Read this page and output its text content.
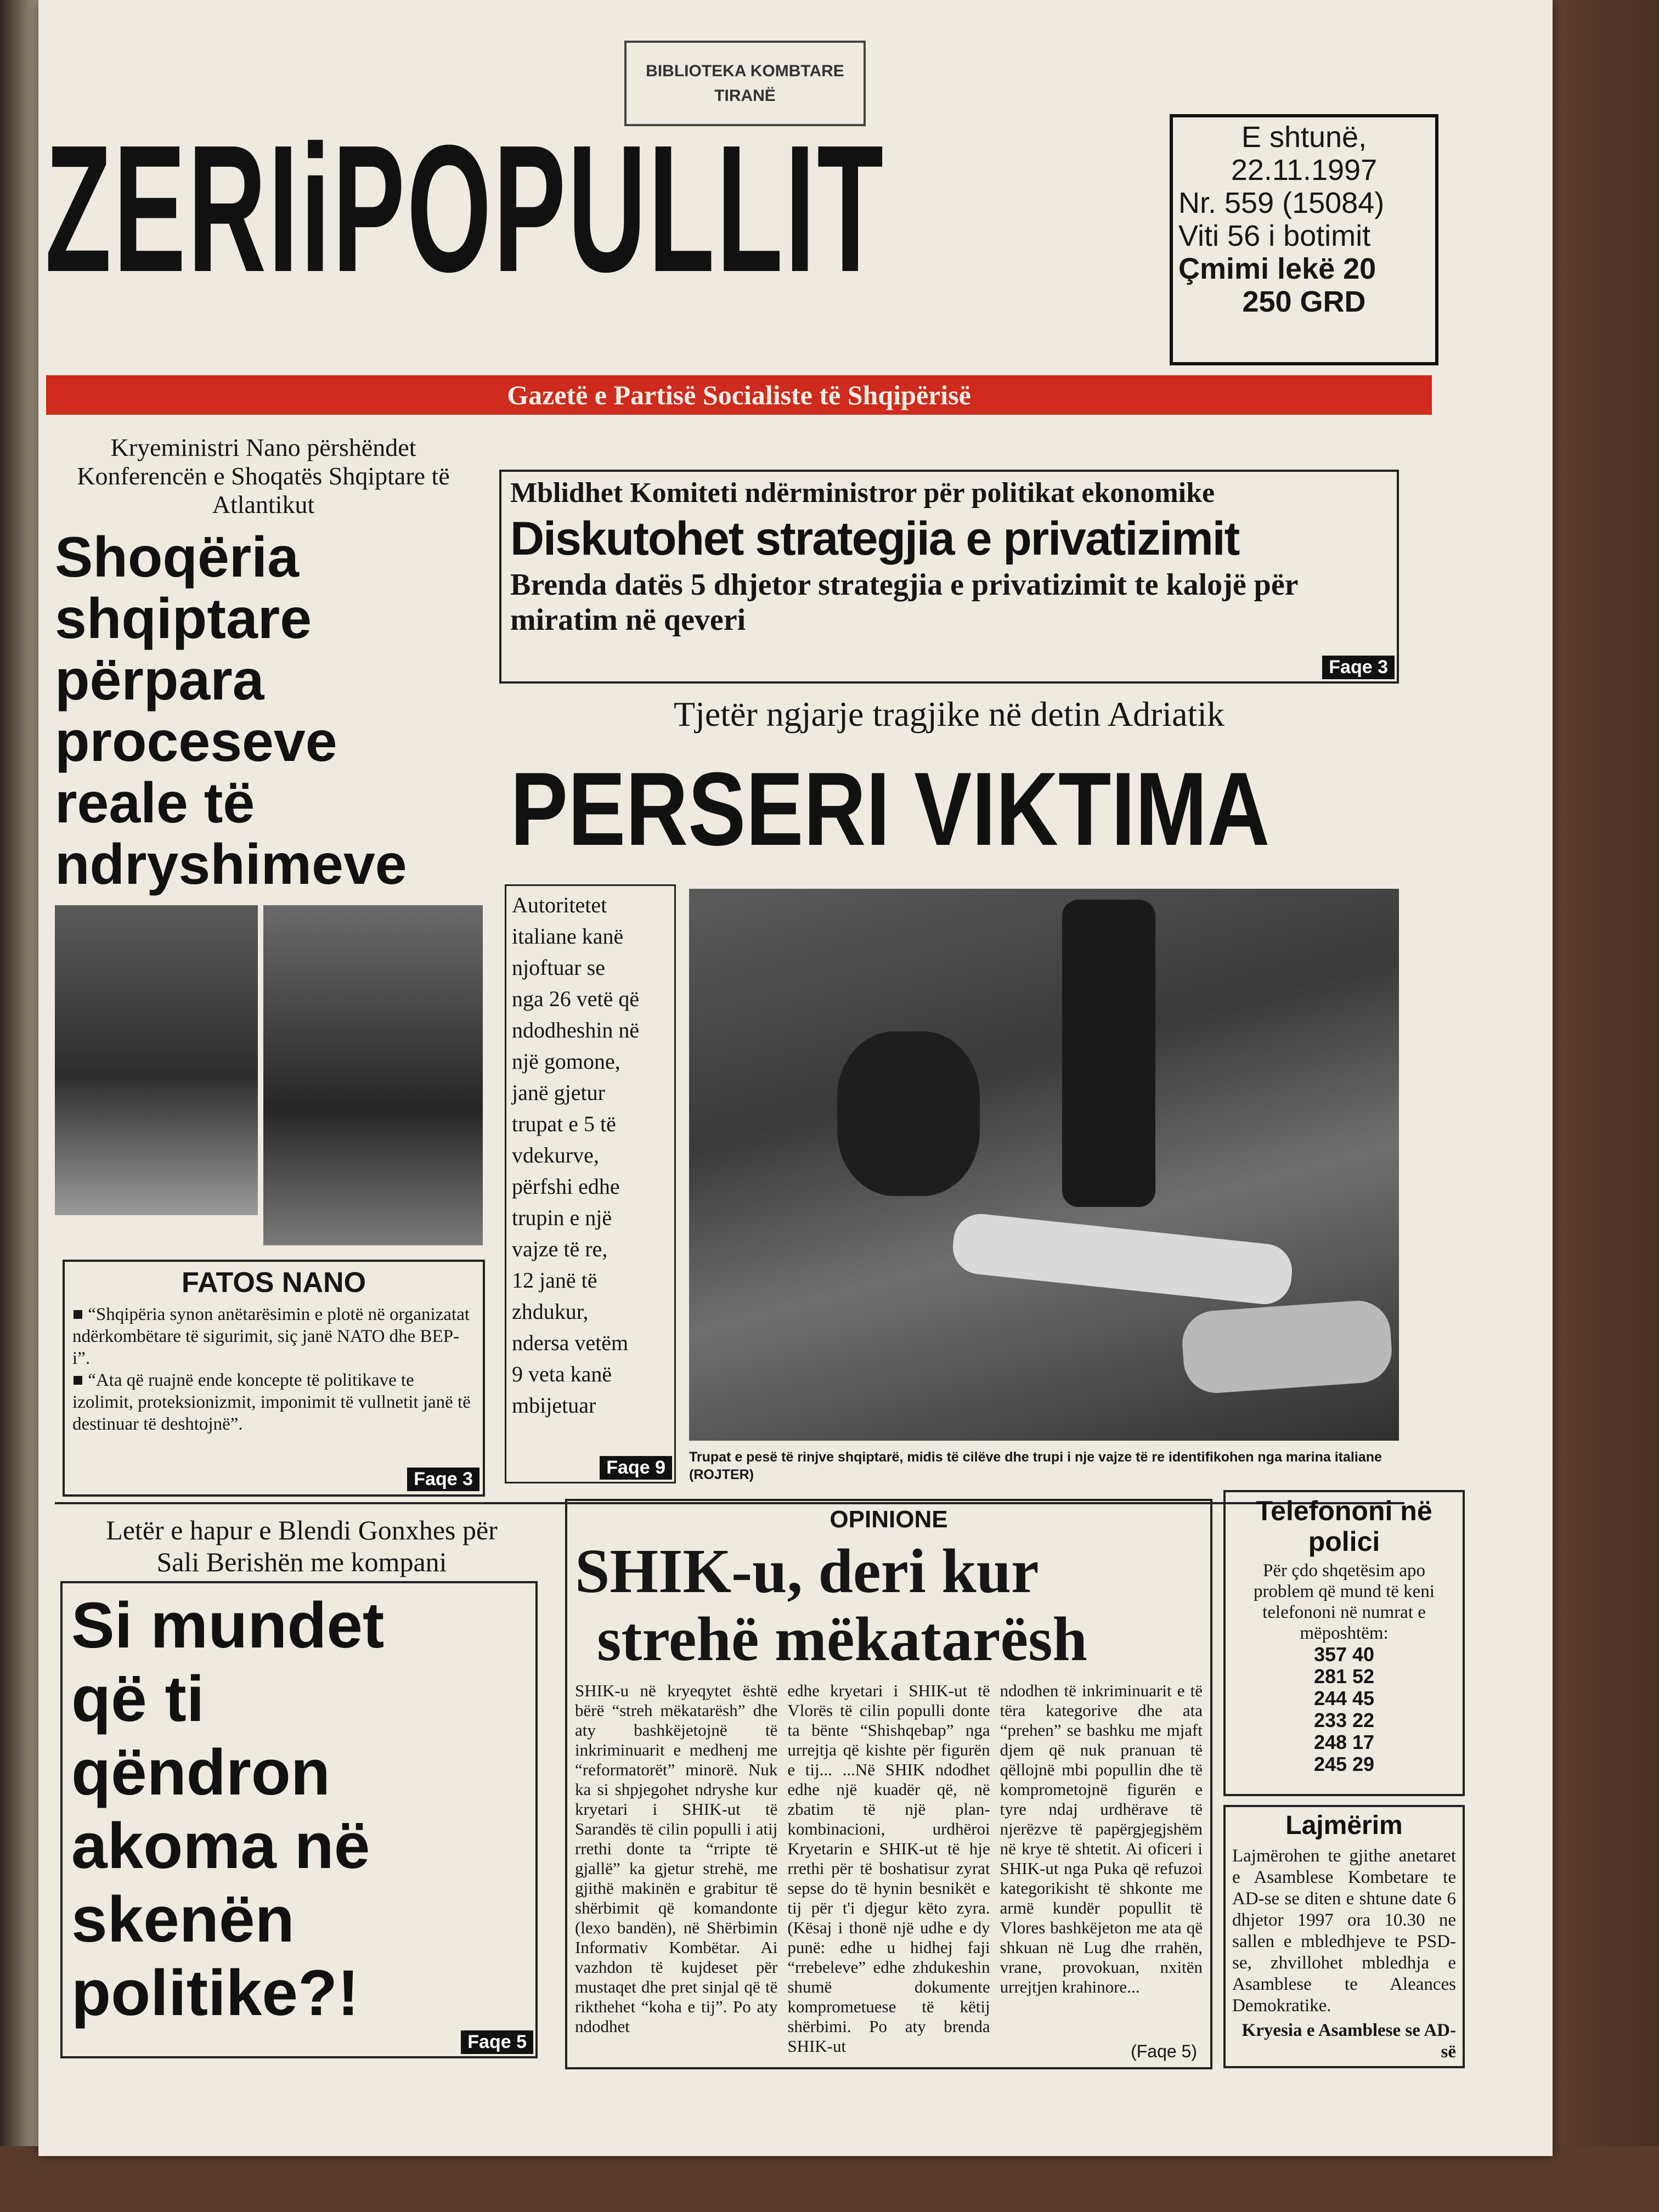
BIBLIOTEKA KOMBTARE
TIRANË
ZERIiPOPULLIT	E shtunë,
22.11.1997
Nr. 559 (15084)
Viti 56 i botimit
Çmimi lekë 20
250 GRD
Gazetë e Partisë Socialiste të Shqipërisë
Kryeministri Nano përshëndet Konferencën e Shoqatës Shqiptare të Atlantikut
Shoqëria
shqiptare
përpara
proceseve
reale të
ndryshimeve
FATOS NANO
■ “Shqipëria synon anëtarësimin e plotë në organizatat ndërkombëtare të sigurimit, siç janë NATO dhe BEP-i”.
■ “Ata që ruajnë ende koncepte të politikave te izolimit, proteksionizmit, imponimit të vullnetit janë të destinuar të deshtojnë”.
Faqe 3
Mblidhet Komiteti ndërministror për politikat ekonomike
Diskutohet strategjia e privatizimit
Brenda datës 5 dhjetor strategjia e privatizimit te kalojë për miratim në qeveri
Faqe 3
Tjetër ngjarje tragjike në detin Adriatik
PERSERI VIKTIMA
Autoritetet
italiane kanë
njoftuar se
nga 26 vetë që
ndodheshin në
një gomone,
janë gjetur
trupat e 5 të
vdekurve,
përfshi edhe
trupin e një
vajze të re,
12 janë të
zhdukur,
ndersa vetëm
9 veta kanë
mbijetuar
Faqe 9	Trupat e pesë të rinjve shqiptarë, midis të cilëve dhe trupi i nje vajze të re identifikohen nga marina italiane (ROJTER)
Letër e hapur e Blendi Gonxhes për Sali Berishën me kompani
Si mundet
që ti
qëndron
akoma në
skenën
politike?!
Faqe 5
OPINIONE
SHIK-u, deri kur
strehë mëkatarësh
SHIK-u në kryeqytet është bërë “streh mëkatarësh” dhe aty bashkëjetojnë të inkriminuarit e medhenj me “reformatorët” minorë. Nuk ka si shpjegohet ndryshe kur kryetari i SHIK-ut të Sarandës të cilin populli i atij rrethi donte ta “rripte të gjallë” ka gjetur strehë, me gjithë makinën e grabitur të shërbimit që komandonte (lexo bandën), në Shërbimin Informativ Kombëtar. Ai vazhdon të kujdeset për mustaqet dhe pret sinjal që të rikthehet “koha e tij”. Po aty ndodhet
edhe kryetari i SHIK-ut të Vlorës të cilin populli donte ta bënte “Shishqebap” nga urrejtja që kishte për figurën e tij... ...Në SHIK ndodhet edhe një kuadër që, në zbatim të një plan-kombinacioni, urdhëroi Kryetarin e SHIK-ut të hje rrethi për të boshatisur zyrat sepse do të hynin besnikët e tij për t'i djegur këto zyra. (Kësaj i thonë një udhe e dy punë: edhe u hidhej faji “rrebeleve” edhe zhdukeshin shumë dokumente komprometuese të këtij shërbimi. Po aty brenda SHIK-ut
ndodhen të inkriminuarit e të tëra kategorive dhe ata “prehen” se bashku me mjaft djem që nuk pranuan të qëllojnë mbi popullin dhe të komprometojnë figurën e tyre ndaj urdhërave të njerëzve të papërgjegjshëm në krye të shtetit. Ai oficeri i SHIK-ut nga Puka që refuzoi kategorikisht të shkonte me armë kundër popullit të Vlores bashkëjeton me ata që shkuan në Lug dhe rrahën, vrane, provokuan, nxitën urrejtjen krahinore...
(Faqe 5)
Telefononi në polici
Për çdo shqetësim apo problem që mund të keni telefononi në numrat e mëposhtëm:
357 40
281 52
244 45
233 22
248 17
245 29
Lajmërim
Lajmërohen te gjithe anetaret e Asamblese Kombetare te AD-se se diten e shtune date 6 dhjetor 1997 ora 10.30 ne sallen e mbledhjeve te PSD-se, zhvillohet mbledhja e Asamblese te Aleances Demokratike.
Kryesia e Asamblese se AD-së
